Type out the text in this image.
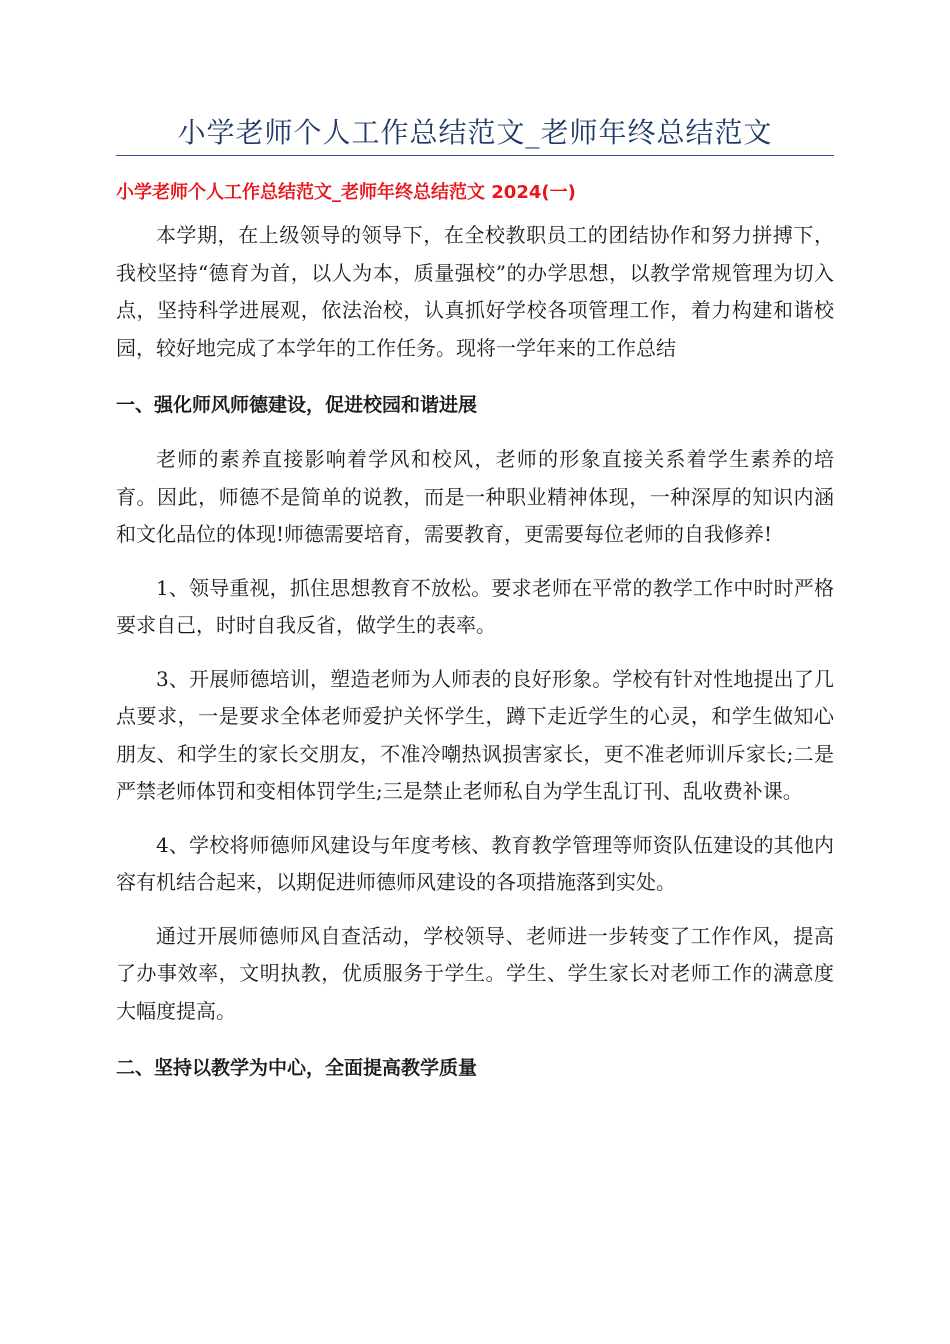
小学老师个人工作总结范文_老师年终总结范文
小学老师个人工作总结范文_老师年终总结范文 2024(一)

本学期，在上级领导的领导下，在全校教职员工的团结协作和努力拼搏下，我校坚持“德育为首，以人为本，质量强校”的办学思想，以教学常规管理为切入点，坚持科学进展观，依法治校，认真抓好学校各项管理工作，着力构建和谐校园，较好地完成了本学年的工作任务。现将一学年来的工作总结

一、强化师风师德建设，促进校园和谐进展

老师的素养直接影响着学风和校风，老师的形象直接关系着学生素养的培育。因此，师德不是简单的说教，而是一种职业精神体现，一种深厚的知识内涵和文化品位的体现!师德需要培育，需要教育，更需要每位老师的自我修养!

1、领导重视，抓住思想教育不放松。要求老师在平常的教学工作中时时严格要求自己，时时自我反省，做学生的表率。

3、开展师德培训，塑造老师为人师表的良好形象。学校有针对性地提出了几点要求，一是要求全体老师爱护关怀学生，蹲下走近学生的心灵，和学生做知心朋友、和学生的家长交朋友，不准冷嘲热讽损害家长，更不准老师训斥家长;二是严禁老师体罚和变相体罚学生;三是禁止老师私自为学生乱订刊、乱收费补课。

4、学校将师德师风建设与年度考核、教育教学管理等师资队伍建设的其他内容有机结合起来，以期促进师德师风建设的各项措施落到实处。

通过开展师德师风自查活动，学校领导、老师进一步转变了工作作风，提高了办事效率，文明执教，优质服务于学生。学生、学生家长对老师工作的满意度大幅度提高。

二、坚持以教学为中心，全面提高教学质量
